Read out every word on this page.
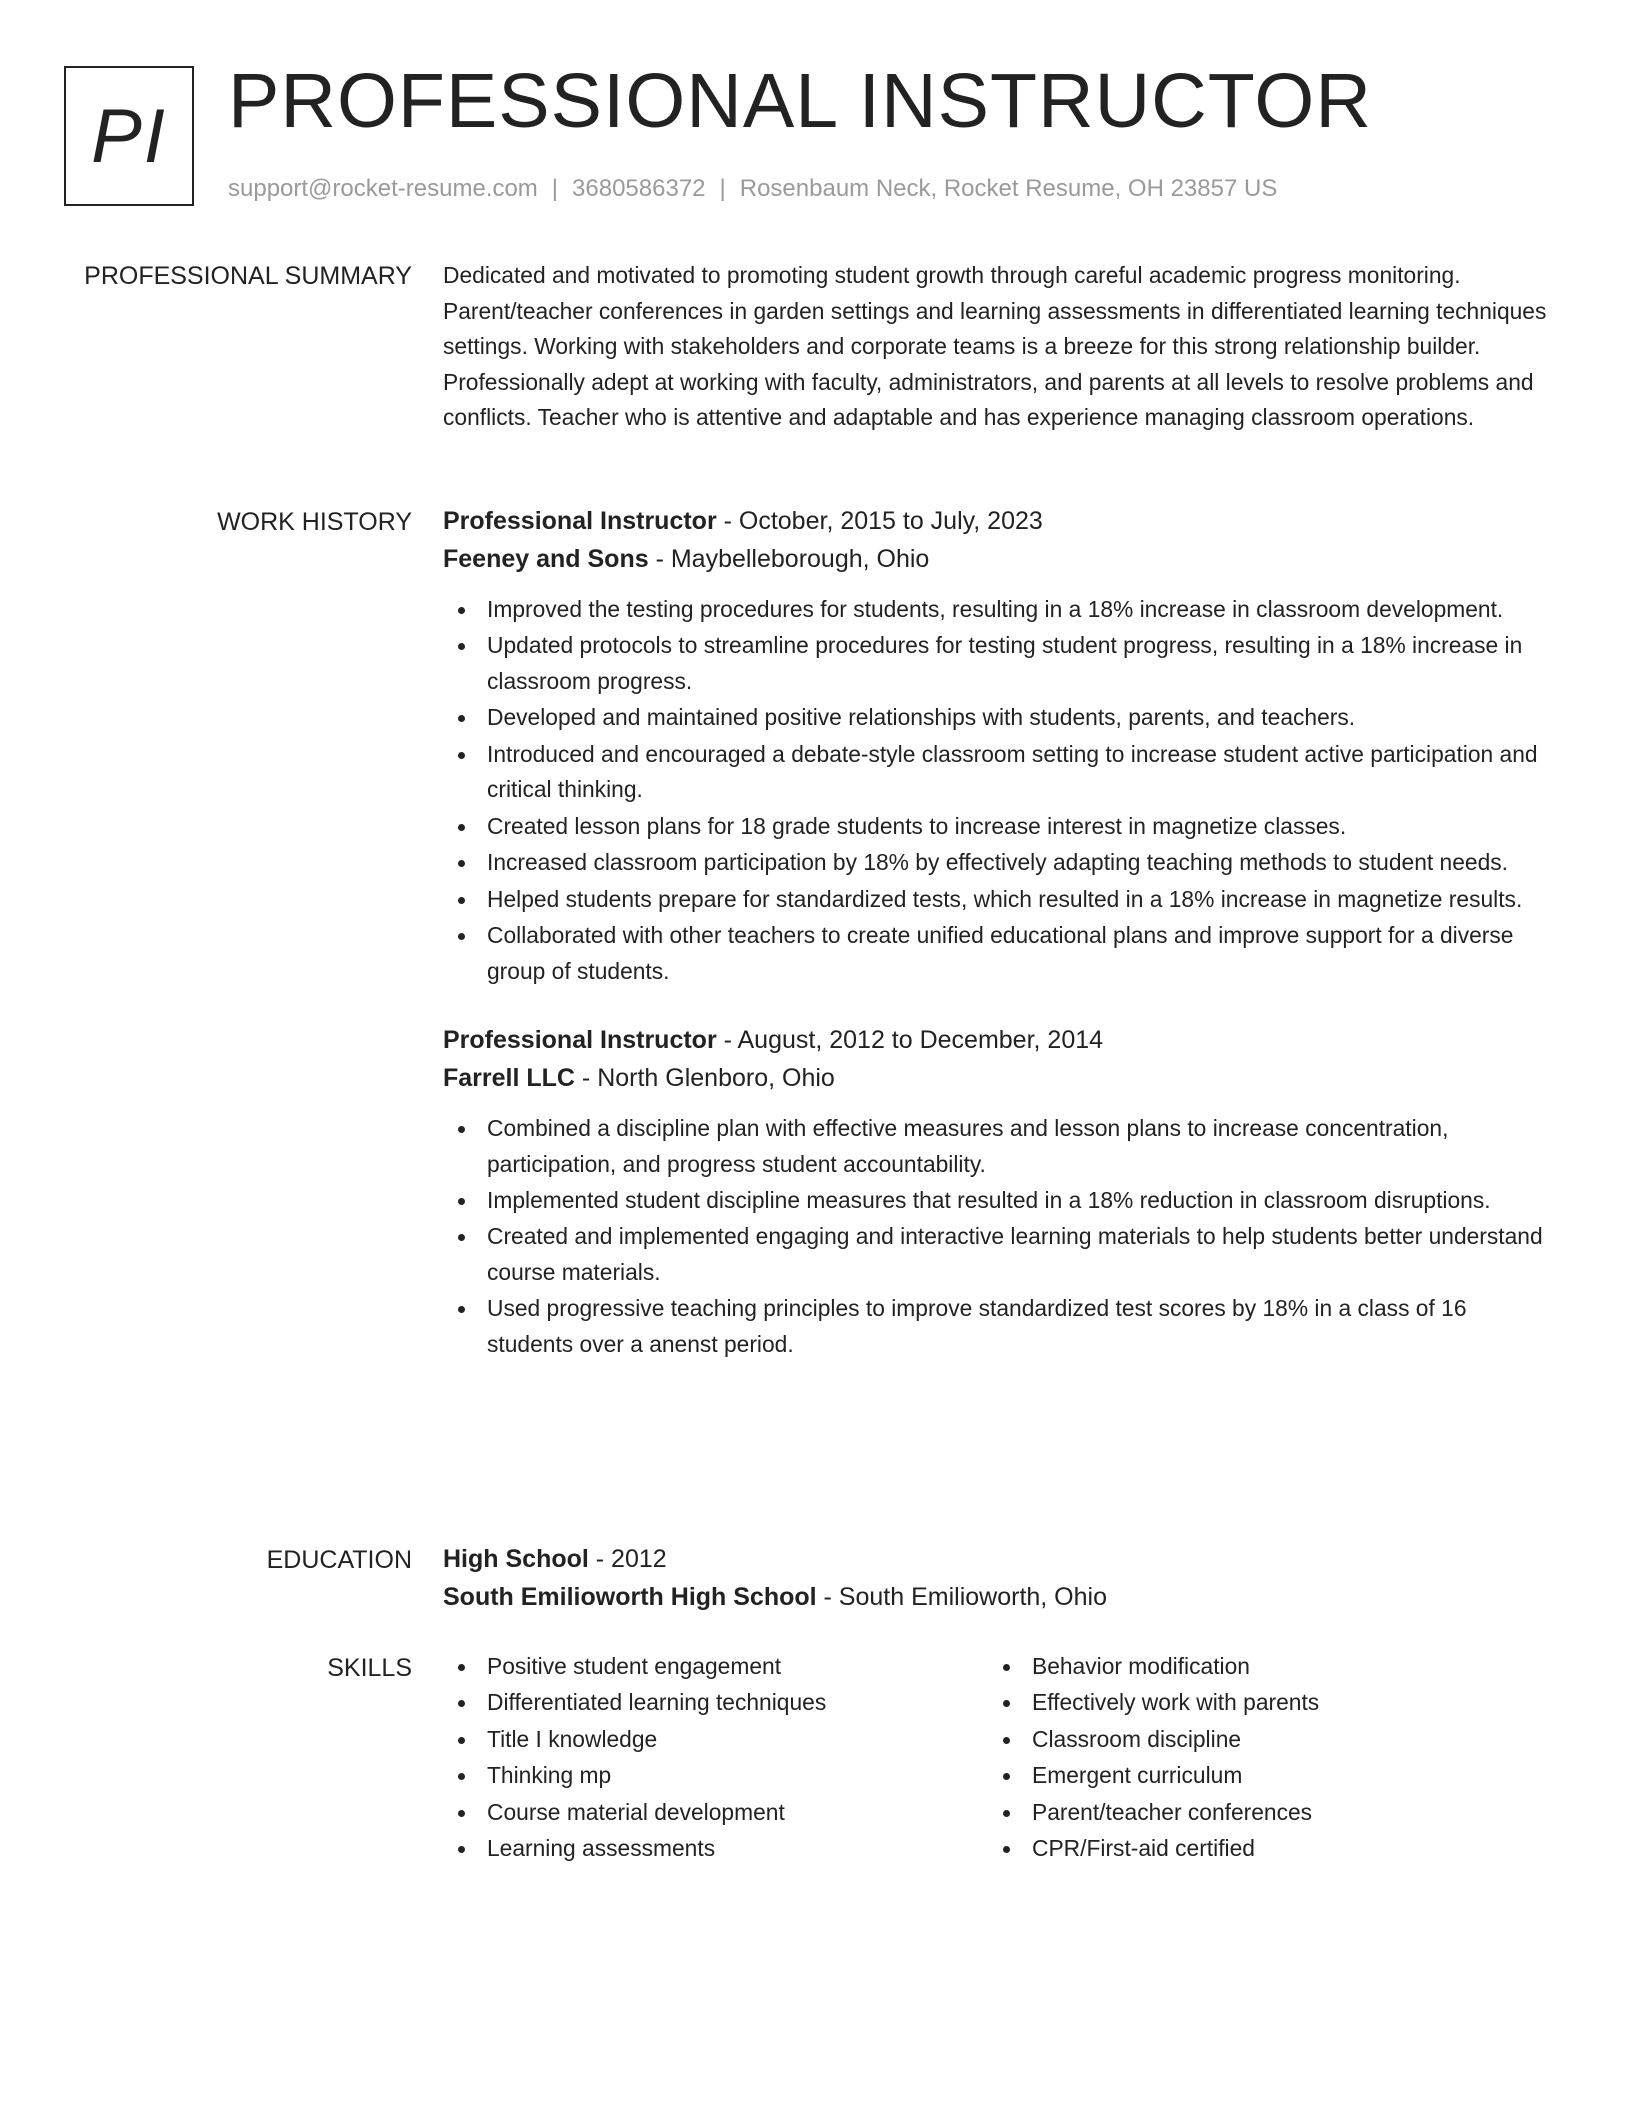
PI PROFESSIONAL INSTRUCTOR
support@rocket-resume.com | 3680586372 | Rosenbaum Neck, Rocket Resume, OH 23857 US
PROFESSIONAL SUMMARY Dedicated and motivated to promoting student growth through careful academic progress monitoring. Parent/teacher conferences in garden settings and learning assessments in differentiated learning techniques settings. Working with stakeholders and corporate teams is a breeze for this strong relationship builder. Professionally adept at working with faculty, administrators, and parents at all levels to resolve problems and conflicts. Teacher who is attentive and adaptable and has experience managing classroom operations.

WORK HISTORY Professional Instructor - October, 2015 to July, 2023
Feeney and Sons - Maybelleborough, Ohio
Improved the testing procedures for students, resulting in a 18% increase in classroom development.
Updated protocols to streamline procedures for testing student progress, resulting in a 18% increase in classroom progress.
Developed and maintained positive relationships with students, parents, and teachers.
Introduced and encouraged a debate-style classroom setting to increase student active participation and critical thinking.
Created lesson plans for 18 grade students to increase interest in magnetize classes.
Increased classroom participation by 18% by effectively adapting teaching methods to student needs.
Helped students prepare for standardized tests, which resulted in a 18% increase in magnetize results.
Collaborated with other teachers to create unified educational plans and improve support for a diverse group of students.
Professional Instructor - August, 2012 to December, 2014
Farrell LLC - North Glenboro, Ohio
Combined a discipline plan with effective measures and lesson plans to increase concentration, participation, and progress student accountability.
Implemented student discipline measures that resulted in a 18% reduction in classroom disruptions.
Created and implemented engaging and interactive learning materials to help students better understand course materials.
Used progressive teaching principles to improve standardized test scores by 18% in a class of 16 students over a anenst period.
EDUCATION High School - 2012
South Emilioworth High School - South Emilioworth, Ohio
SKILLS	Positive student engagement
Differentiated learning techniques
Title I knowledge
Thinking mp
Course material development
Learning assessments
Behavior modification
Effectively work with parents
Classroom discipline
Emergent curriculum
Parent/teacher conferences
CPR/First-aid certified
